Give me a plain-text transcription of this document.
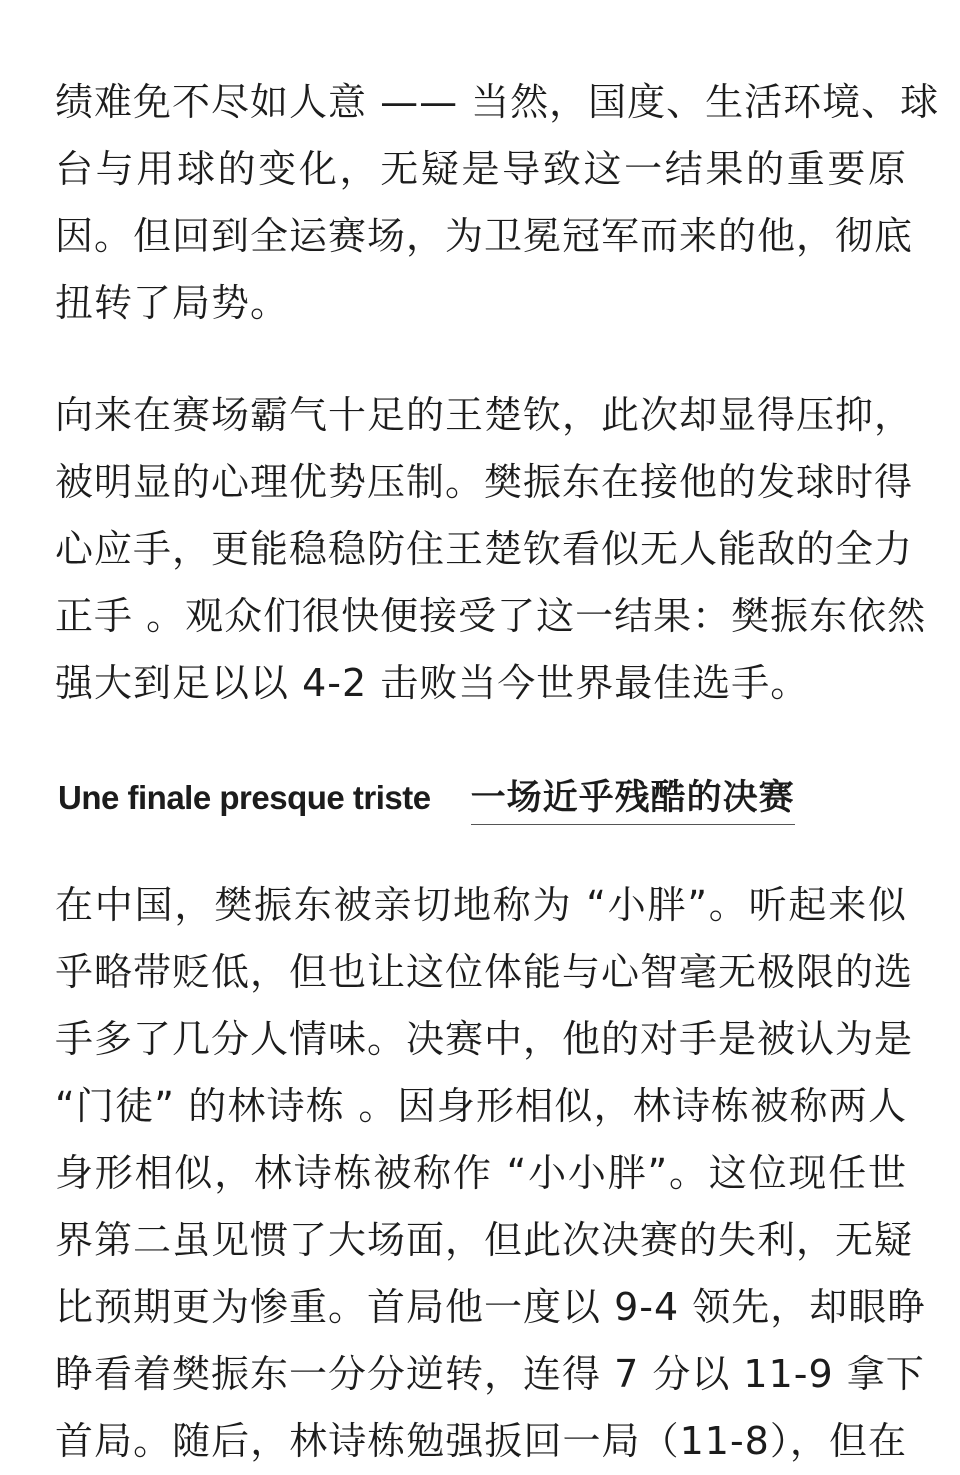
绩难免不尽如人意 —— 当然，国度、生活环境、球
台与用球的变化，无疑是导致这一结果的重要原
因。但回到全运赛场，为卫冕冠军而来的他，彻底
扭转了局势。

向来在赛场霸气十足的王楚钦，此次却显得压抑，
被明显的心理优势压制。樊振东在接他的发球时得
心应手，更能稳稳防住王楚钦看似无人能敌的全力
正手 。观众们很快便接受了这一结果：樊振东依然
强大到足以以 4-2 击败当今世界最佳选手。

Une finale presque triste 一场近乎残酷的决赛

在中国，樊振东被亲切地称为 “小胖”。听起来似
乎略带贬低，但也让这位体能与心智毫无极限的选
手多了几分人情味。决赛中，他的对手是被认为是
“门徒” 的林诗栋 。因身形相似，林诗栋被称两人
身形相似，林诗栋被称作 “小小胖”。这位现任世
界第二虽见惯了大场面，但此次决赛的失利，无疑
比预期更为惨重。首局他一度以 9-4 领先，却眼睁
睁看着樊振东一分分逆转，连得 7 分以 11-9 拿下
首局。随后，林诗栋勉强扳回一局（11-8），但在
